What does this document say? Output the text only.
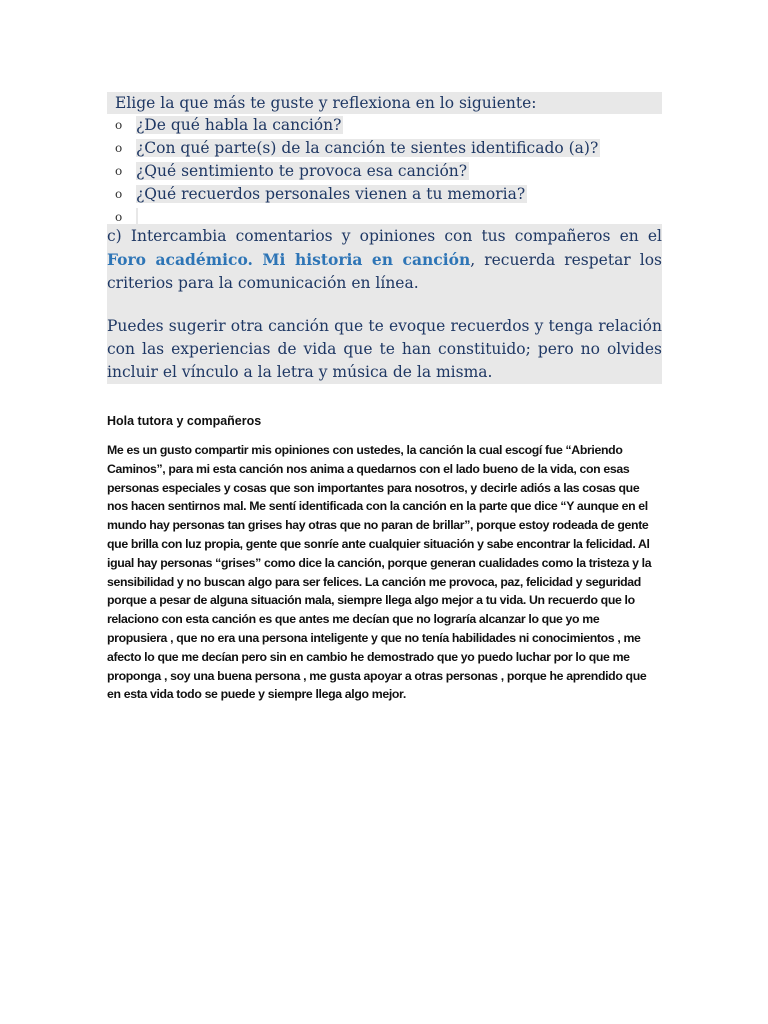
Elige la que más te guste y reflexiona en lo siguiente:
o ¿De qué habla la canción?
o ¿Con qué parte(s) de la canción te sientes identificado (a)?
o ¿Qué sentimiento te provoca esa canción?
o ¿Qué recuerdos personales vienen a tu memoria?
o

c) Intercambia comentarios y opiniones con tus compañeros en el Foro académico. Mi historia en canción, recuerda respetar los criterios para la comunicación en línea.

Puedes sugerir otra canción que te evoque recuerdos y tenga relación con las experiencias de vida que te han constituido; pero no olvides incluir el vínculo a la letra y música de la misma.

Hola tutora y compañeros

Me es un gusto compartir mis opiniones con ustedes, la canción la cual escogí fue “Abriendo Caminos”, para mi esta canción nos anima a quedarnos con el lado bueno de la vida, con esas personas especiales y cosas que son importantes para nosotros, y decirle adiós a las cosas que nos hacen sentirnos mal. Me sentí identificada con la canción en la parte que dice “Y aunque en el mundo hay personas tan grises hay otras que no paran de brillar”, porque estoy rodeada de gente que brilla con luz propia, gente que sonríe ante cualquier situación y sabe encontrar la felicidad. Al igual hay personas “grises” como dice la canción, porque generan cualidades como la tristeza y la sensibilidad y no buscan algo para ser felices. La canción me provoca, paz, felicidad y seguridad porque a pesar de alguna situación mala, siempre llega algo mejor a tu vida. Un recuerdo que lo relaciono con esta canción es que antes me decían que no lograría alcanzar lo que yo me propusiera , que no era una persona inteligente y que no tenía habilidades ni conocimientos , me afecto lo que me decían pero sin en cambio he demostrado que yo puedo luchar por lo que me proponga , soy una buena persona , me gusta apoyar a otras personas , porque he aprendido que en esta vida todo se puede y siempre llega algo mejor.
